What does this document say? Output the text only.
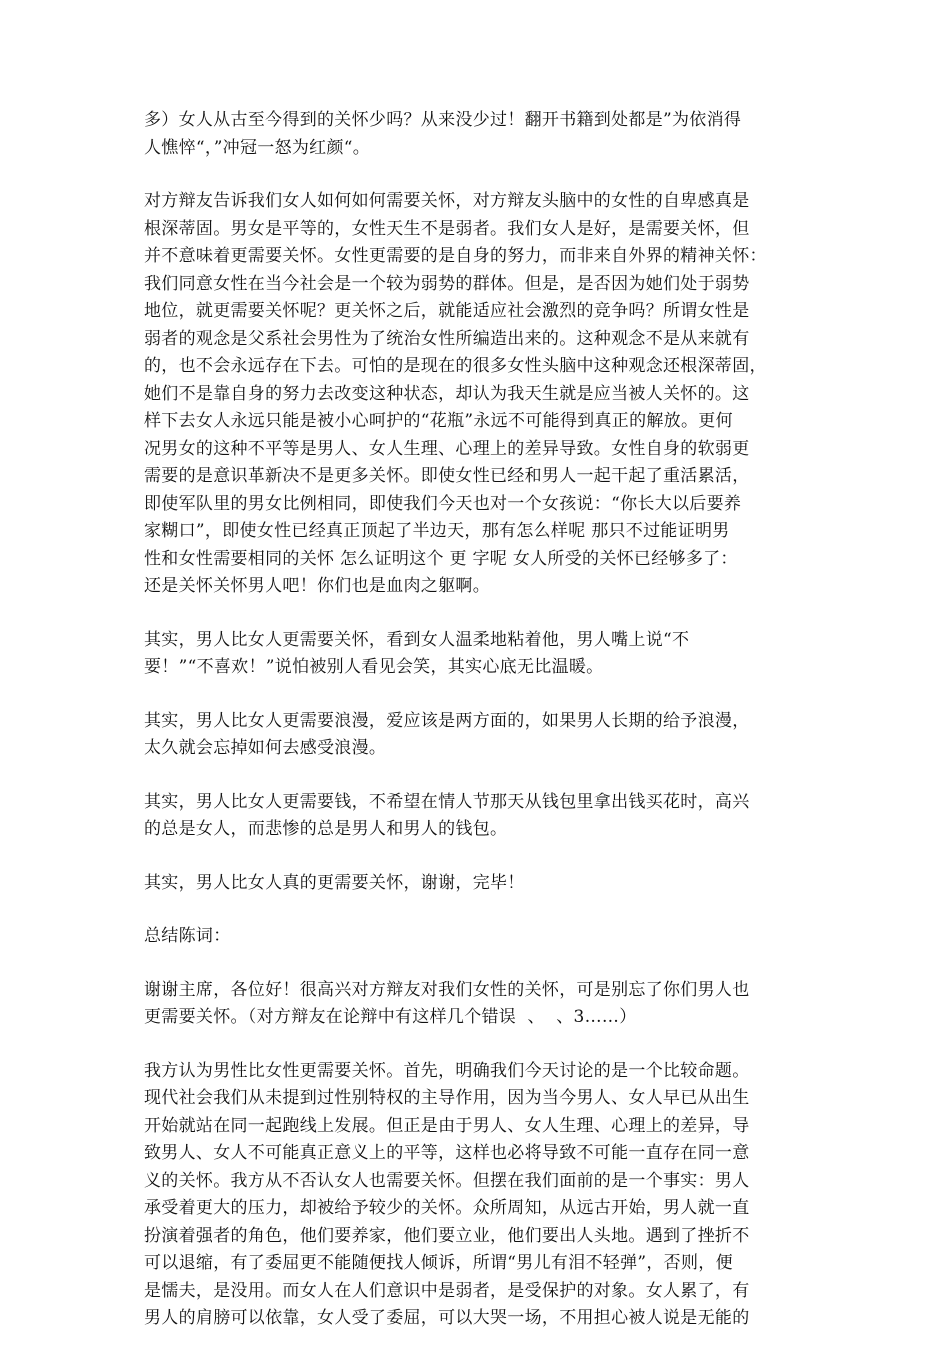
多）女人从古至今得到的关怀少吗？从来没少过！翻开书籍到处都是”为依消得
人憔悴“，”冲冠一怒为红颜“。

对方辩友告诉我们女人如何如何需要关怀，对方辩友头脑中的女性的自卑感真是
根深蒂固。男女是平等的，女性天生不是弱者。我们女人是好，是需要关怀，但
并不意味着更需要关怀。女性更需要的是自身的努力，而非来自外界的精神关怀：
我们同意女性在当今社会是一个较为弱势的群体。但是，是否因为她们处于弱势
地位，就更需要关怀呢？更关怀之后，就能适应社会激烈的竞争吗？所谓女性是
弱者的观念是父系社会男性为了统治女性所编造出来的。这种观念不是从来就有
的，也不会永远存在下去。可怕的是现在的很多女性头脑中这种观念还根深蒂固，
她们不是靠自身的努力去改变这种状态，却认为我天生就是应当被人关怀的。这
样下去女人永远只能是被小心呵护的“花瓶”永远不可能得到真正的解放。更何
况男女的这种不平等是男人、女人生理、心理上的差异导致。女性自身的软弱更
需要的是意识革新决不是更多关怀。即使女性已经和男人一起干起了重活累活，
即使军队里的男女比例相同，即使我们今天也对一个女孩说：“你长大以后要养
家糊口”，即使女性已经真正顶起了半边天，那有怎么样呢 那只不过能证明男
性和女性需要相同的关怀 怎么证明这个 更 字呢 女人所受的关怀已经够多了：
还是关怀关怀男人吧！你们也是血肉之躯啊。

其实，男人比女人更需要关怀，看到女人温柔地粘着他，男人嘴上说“不
要！”“不喜欢！”说怕被别人看见会笑，其实心底无比温暖。

其实，男人比女人更需要浪漫，爱应该是两方面的，如果男人长期的给予浪漫，
太久就会忘掉如何去感受浪漫。

其实，男人比女人更需要钱，不希望在情人节那天从钱包里拿出钱买花时，高兴
的总是女人，而悲惨的总是男人和男人的钱包。

其实，男人比女人真的更需要关怀，谢谢，完毕！

总结陈词：

谢谢主席，各位好！很高兴对方辩友对我们女性的关怀，可是别忘了你们男人也
更需要关怀。（对方辩友在论辩中有这样几个错误  、  、3……）

我方认为男性比女性更需要关怀。首先，明确我们今天讨论的是一个比较命题。
现代社会我们从未提到过性别特权的主导作用，因为当今男人、女人早已从出生
开始就站在同一起跑线上发展。但正是由于男人、女人生理、心理上的差异，导
致男人、女人不可能真正意义上的平等，这样也必将导致不可能一直存在同一意
义的关怀。我方从不否认女人也需要关怀。但摆在我们面前的是一个事实：男人
承受着更大的压力，却被给予较少的关怀。众所周知，从远古开始，男人就一直
扮演着强者的角色，他们要养家，他们要立业，他们要出人头地。遇到了挫折不
可以退缩，有了委屈更不能随便找人倾诉，所谓“男儿有泪不轻弹”，否则，便
是懦夫，是没用。而女人在人们意识中是弱者，是受保护的对象。女人累了，有
男人的肩膀可以依靠，女人受了委屈，可以大哭一场，不用担心被人说是无能的
